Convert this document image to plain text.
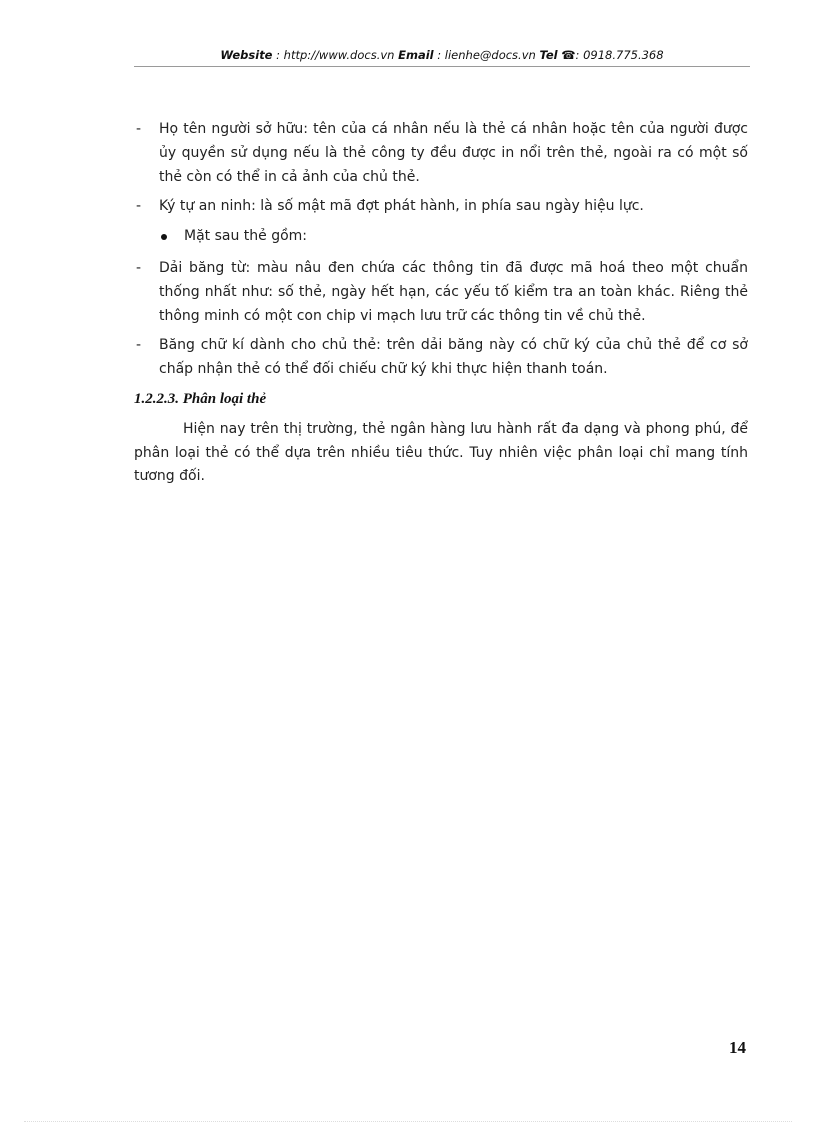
Website : http://www.docs.vn Email : lienhe@docs.vn Tel ☎: 0918.775.368
- Họ tên người sở hữu: tên của cá nhân nếu là thẻ cá nhân hoặc tên của người được ủy quyền sử dụng nếu là thẻ công ty đều được in nổi trên thẻ, ngoài ra có một số thẻ còn có thể in cả ảnh của chủ thẻ.
- Ký tự an ninh: là số mật mã đợt phát hành, in phía sau ngày hiệu lực.
Mặt sau thẻ gồm:
- Dải băng từ: màu nâu đen chứa các thông tin đã được mã hoá theo một chuẩn thống nhất như: số thẻ, ngày hết hạn, các yếu tố kiểm tra an toàn khác. Riêng thẻ thông minh có một con chip vi mạch lưu trữ các thông tin về chủ thẻ.
- Băng chữ kí dành cho chủ thẻ: trên dải băng này có chữ ký của chủ thẻ để cơ sở chấp nhận thẻ có thể đối chiếu chữ ký khi thực hiện thanh toán.
1.2.2.3. Phân loại thẻ
Hiện nay trên thị trường, thẻ ngân hàng lưu hành rất đa dạng và phong phú, để phân loại thẻ có thể dựa trên nhiều tiêu thức. Tuy nhiên việc phân loại chỉ mang tính tương đối.
14
